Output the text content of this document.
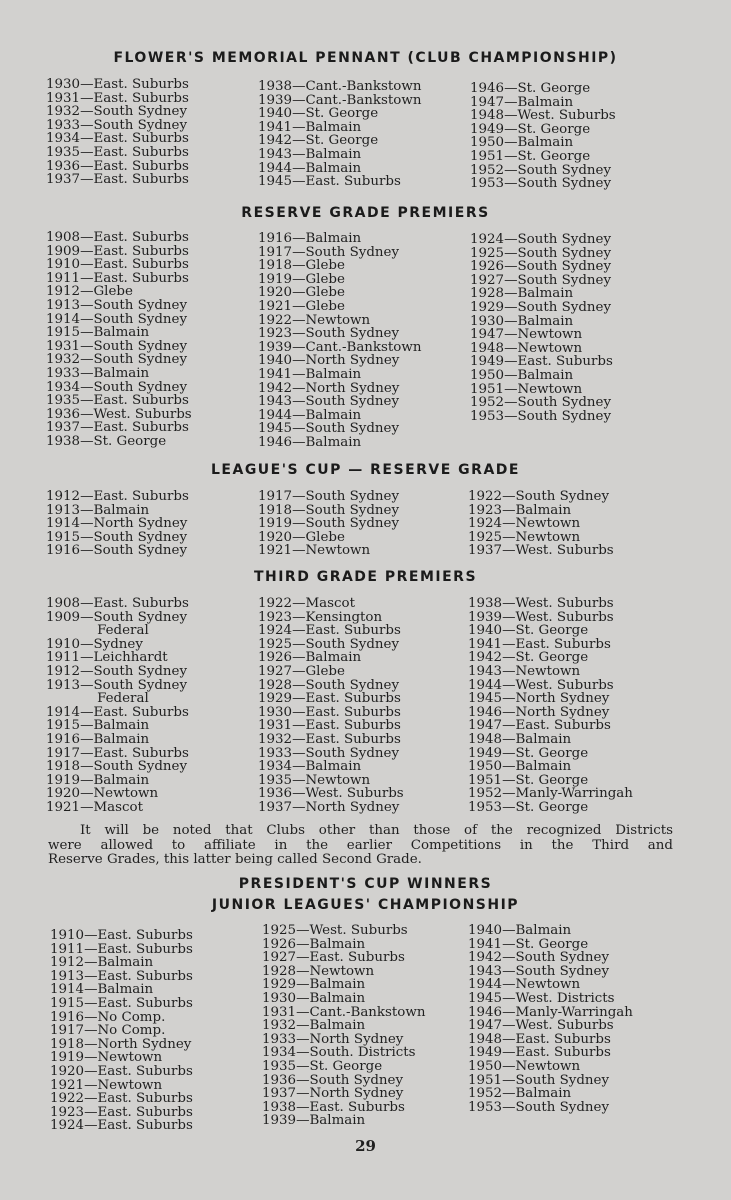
FLOWER'S MEMORIAL PENNANT (CLUB CHAMPIONSHIP)
1930—East. Suburbs
1931—East. Suburbs
1932—South Sydney
1933—South Sydney
1934—East. Suburbs
1935—East. Suburbs
1936—East. Suburbs
1937—East. Suburbs
1938—Cant.-Bankstown
1939—Cant.-Bankstown
1940—St. George
1941—Balmain
1942—St. George
1943—Balmain
1944—Balmain
1945—East. Suburbs
1946—St. George
1947—Balmain
1948—West. Suburbs
1949—St. George
1950—Balmain
1951—St. George
1952—South Sydney
1953—South Sydney
RESERVE GRADE PREMIERS
1908—East. Suburbs
1909—East. Suburbs
1910—East. Suburbs
1911—East. Suburbs
1912—Glebe
1913—South Sydney
1914—South Sydney
1915—Balmain
1931—South Sydney
1932—South Sydney
1933—Balmain
1934—South Sydney
1935—East. Suburbs
1936—West. Suburbs
1937—East. Suburbs
1938—St. George
1916—Balmain
1917—South Sydney
1918—Glebe
1919—Glebe
1920—Glebe
1921—Glebe
1922—Newtown
1923—South Sydney
1939—Cant.-Bankstown
1940—North Sydney
1941—Balmain
1942—North Sydney
1943—South Sydney
1944—Balmain
1945—South Sydney
1946—Balmain
1924—South Sydney
1925—South Sydney
1926—South Sydney
1927—South Sydney
1928—Balmain
1929—South Sydney
1930—Balmain
1947—Newtown
1948—Newtown
1949—East. Suburbs
1950—Balmain
1951—Newtown
1952—South Sydney
1953—South Sydney
LEAGUE'S CUP — RESERVE GRADE
1912—East. Suburbs
1913—Balmain
1914—North Sydney
1915—South Sydney
1916—South Sydney
1917—South Sydney
1918—South Sydney
1919—South Sydney
1920—Glebe
1921—Newtown
1922—South Sydney
1923—Balmain
1924—Newtown
1925—Newtown
1937—West. Suburbs
THIRD GRADE PREMIERS
1908—East. Suburbs
1909—South Sydney
Federal
1910—Sydney
1911—Leichhardt
1912—South Sydney
1913—South Sydney
Federal
1914—East. Suburbs
1915—Balmain
1916—Balmain
1917—East. Suburbs
1918—South Sydney
1919—Balmain
1920—Newtown
1921—Mascot
1922—Mascot
1923—Kensington
1924—East. Suburbs
1925—South Sydney
1926—Balmain
1927—Glebe
1928—South Sydney
1929—East. Suburbs
1930—East. Suburbs
1931—East. Suburbs
1932—East. Suburbs
1933—South Sydney
1934—Balmain
1935—Newtown
1936—West. Suburbs
1937—North Sydney
1938—West. Suburbs
1939—West. Suburbs
1940—St. George
1941—East. Suburbs
1942—St. George
1943—Newtown
1944—West. Suburbs
1945—North Sydney
1946—North Sydney
1947—East. Suburbs
1948—Balmain
1949—St. George
1950—Balmain
1951—St. George
1952—Manly-Warringah
1953—St. George
It will be noted that Clubs other than those of the recognized Districts
were allowed to affiliate in the earlier Competitions in the Third and
Reserve Grades, this latter being called Second Grade.
PRESIDENT'S CUP WINNERS
JUNIOR LEAGUES' CHAMPIONSHIP
1910—East. Suburbs
1911—East. Suburbs
1912—Balmain
1913—East. Suburbs
1914—Balmain
1915—East. Suburbs
1916—No Comp.
1917—No Comp.
1918—North Sydney
1919—Newtown
1920—East. Suburbs
1921—Newtown
1922—East. Suburbs
1923—East. Suburbs
1924—East. Suburbs
1925—West. Suburbs
1926—Balmain
1927—East. Suburbs
1928—Newtown
1929—Balmain
1930—Balmain
1931—Cant.-Bankstown
1932—Balmain
1933—North Sydney
1934—South. Districts
1935—St. George
1936—South Sydney
1937—North Sydney
1938—East. Suburbs
1939—Balmain
1940—Balmain
1941—St. George
1942—South Sydney
1943—South Sydney
1944—Newtown
1945—West. Districts
1946—Manly-Warringah
1947—West. Suburbs
1948—East. Suburbs
1949—East. Suburbs
1950—Newtown
1951—South Sydney
1952—Balmain
1953—South Sydney
29
